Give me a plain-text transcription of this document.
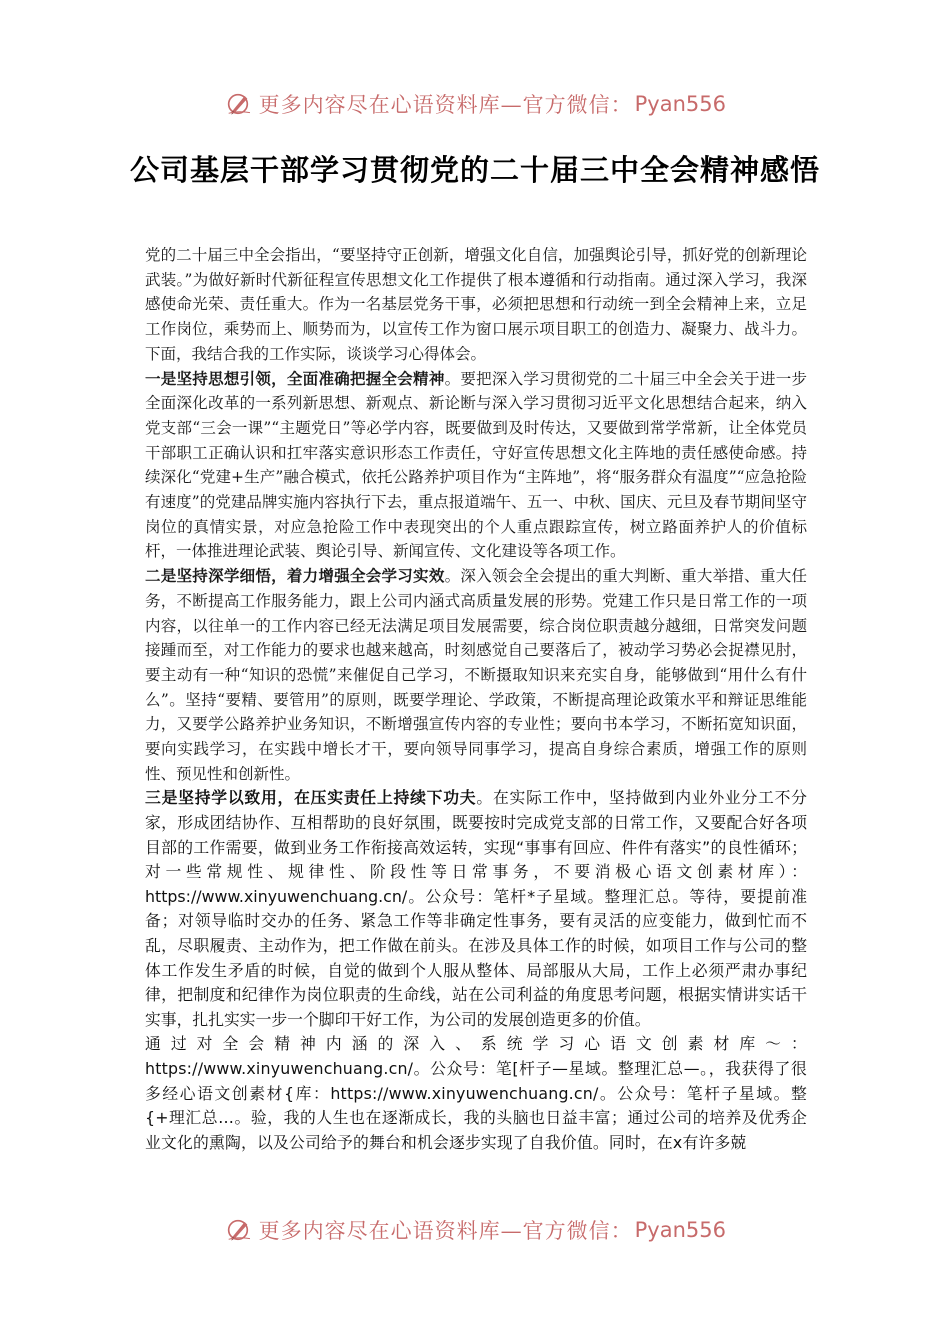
更多内容尽在心语资料库—官方微信： Pyan556
公司基层干部学习贯彻党的二十届三中全会精神感悟

党的二十届三中全会指出，“要坚持守正创新，增强文化自信，加强舆论引导，抓好党的创新理论武装。”为做好新时代新征程宣传思想文化工作提供了根本遵循和行动指南。通过深入学习，我深感使命光荣、责任重大。作为一名基层党务干事，必须把思想和行动统一到全会精神上来，立足工作岗位，乘势而上、顺势而为，以宣传工作为窗口展示项目职工的创造力、凝聚力、战斗力。下面，我结合我的工作实际，谈谈学习心得体会。

一是坚持思想引领，全面准确把握全会精神。要把深入学习贯彻党的二十届三中全会关于进一步全面深化改革的一系列新思想、新观点、新论断与深入学习贯彻习近平文化思想结合起来，纳入党支部“三会一课”“主题党日”等必学内容，既要做到及时传达，又要做到常学常新，让全体党员干部职工正确认识和扛牢落实意识形态工作责任，守好宣传思想文化主阵地的责任感使命感。持续深化“党建+生产”融合模式，依托公路养护项目作为“主阵地”，将“服务群众有温度”“应急抢险有速度”的党建品牌实施内容执行下去，重点报道端午、五一、中秋、国庆、元旦及春节期间坚守岗位的真情实景，对应急抢险工作中表现突出的个人重点跟踪宣传，树立路面养护人的价值标杆，一体推进理论武装、舆论引导、新闻宣传、文化建设等各项工作。

二是坚持深学细悟，着力增强全会学习实效。深入领会全会提出的重大判断、重大举措、重大任务，不断提高工作服务能力，跟上公司内涵式高质量发展的形势。党建工作只是日常工作的一项内容，以往单一的工作内容已经无法满足项目发展需要，综合岗位职责越分越细，日常突发问题接踵而至，对工作能力的要求也越来越高，时刻感觉自己要落后了，被动学习势必会捉襟见肘，要主动有一种“知识的恐慌”来催促自己学习，不断摄取知识来充实自身，能够做到“用什么有什么”。坚持“要精、要管用”的原则，既要学理论、学政策，不断提高理论政策水平和辩证思维能力，又要学公路养护业务知识，不断增强宣传内容的专业性；要向书本学习，不断拓宽知识面，要向实践学习，在实践中增长才干，要向领导同事学习，提高自身综合素质，增强工作的原则性、预见性和创新性。

三是坚持学以致用，在压实责任上持续下功夫。在实际工作中，坚持做到内业外业分工不分家，形成团结协作、互相帮助的良好氛围，既要按时完成党支部的日常工作，又要配合好各项目部的工作需要，做到业务工作衔接高效运转，实现“事事有回应、件件有落实”的良性循环；对一些常规性、规律性、阶段性等日常事务，不要消极心语文创素材库）：https://www.xinyuwenchuang.cn/。公众号：笔杆*子星域。整理汇总。等待，要提前准备；对领导临时交办的任务、紧急工作等非确定性事务，要有灵活的应变能力，做到忙而不乱，尽职履责、主动作为，把工作做在前头。在涉及具体工作的时候，如项目工作与公司的整体工作发生矛盾的时候，自觉的做到个人服从整体、局部服从大局，工作上必须严肃办事纪律，把制度和纪律作为岗位职责的生命线，站在公司利益的角度思考问题，根据实情讲实话干实事，扎扎实实一步一个脚印干好工作，为公司的发展创造更多的价值。

通过对全会精神内涵的深入、系统学习心语文创素材库～：https://www.xinyuwenchuang.cn/。公众号：笔[杆子—星域。整理汇总—。，我获得了很多经心语文创素材{库：https://www.xinyuwenchuang.cn/。公众号：笔杆子星域。整{+理汇总…。验，我的人生也在逐渐成长，我的头脑也日益丰富；通过公司的培养及优秀企业文化的熏陶，以及公司给予的舞台和机会逐步实现了自我价值。同时，在x有许多兢

更多内容尽在心语资料库—官方微信： Pyan556
